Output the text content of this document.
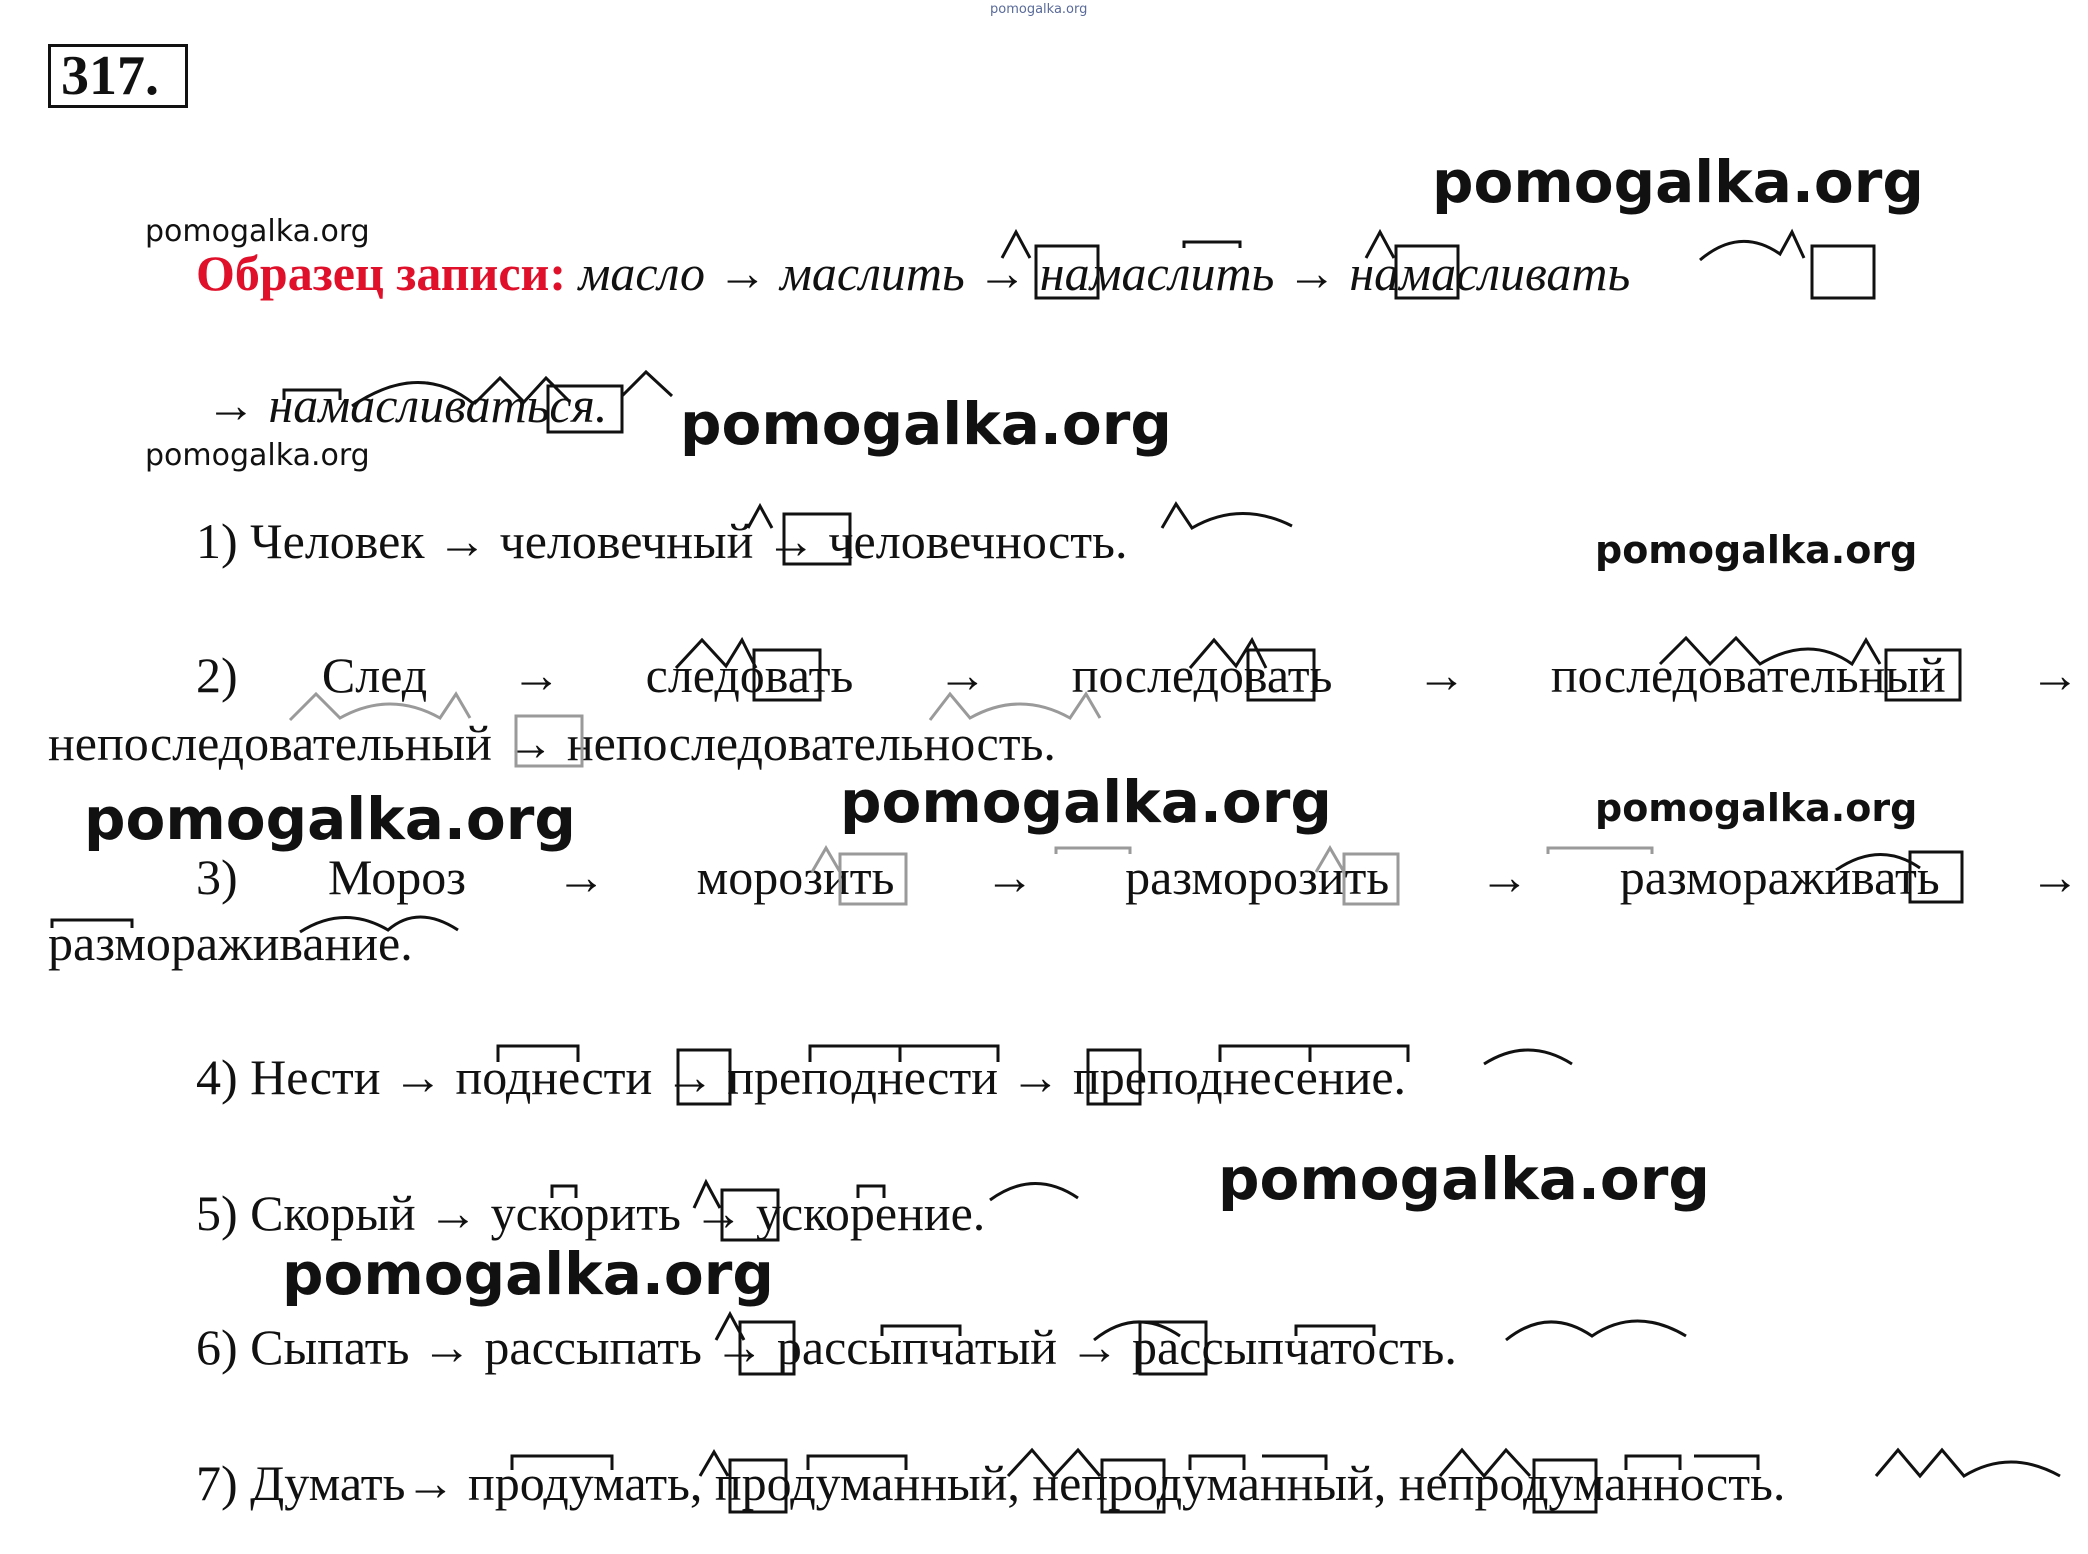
pomogalka.org
317.
pomogalka.org
pomogalka.org
pomogalka.org
pomogalka.org
pomogalka.org
pomogalka.org	pomogalka.org	pomogalka.org
pomogalka.org
pomogalka.org
Образец записи: масло → маслить → намаслить → намасливать
→ намасливаться.
1) Человек → человечный → человечность.
2) След → следовать → последовать → последовательный →
непоследовательный → непоследовательность.
3) Мороз → морозить → разморозить → размораживать →
размораживание.
4) Нести → поднести → преподнести → преподнесение.
5) Скорый → ускорить → ускорение.
6) Сыпать → рассыпать → рассыпчатый → рассыпчатость.
7) Думать→ продумать, продуманный, непродуманный, непродуманность.
